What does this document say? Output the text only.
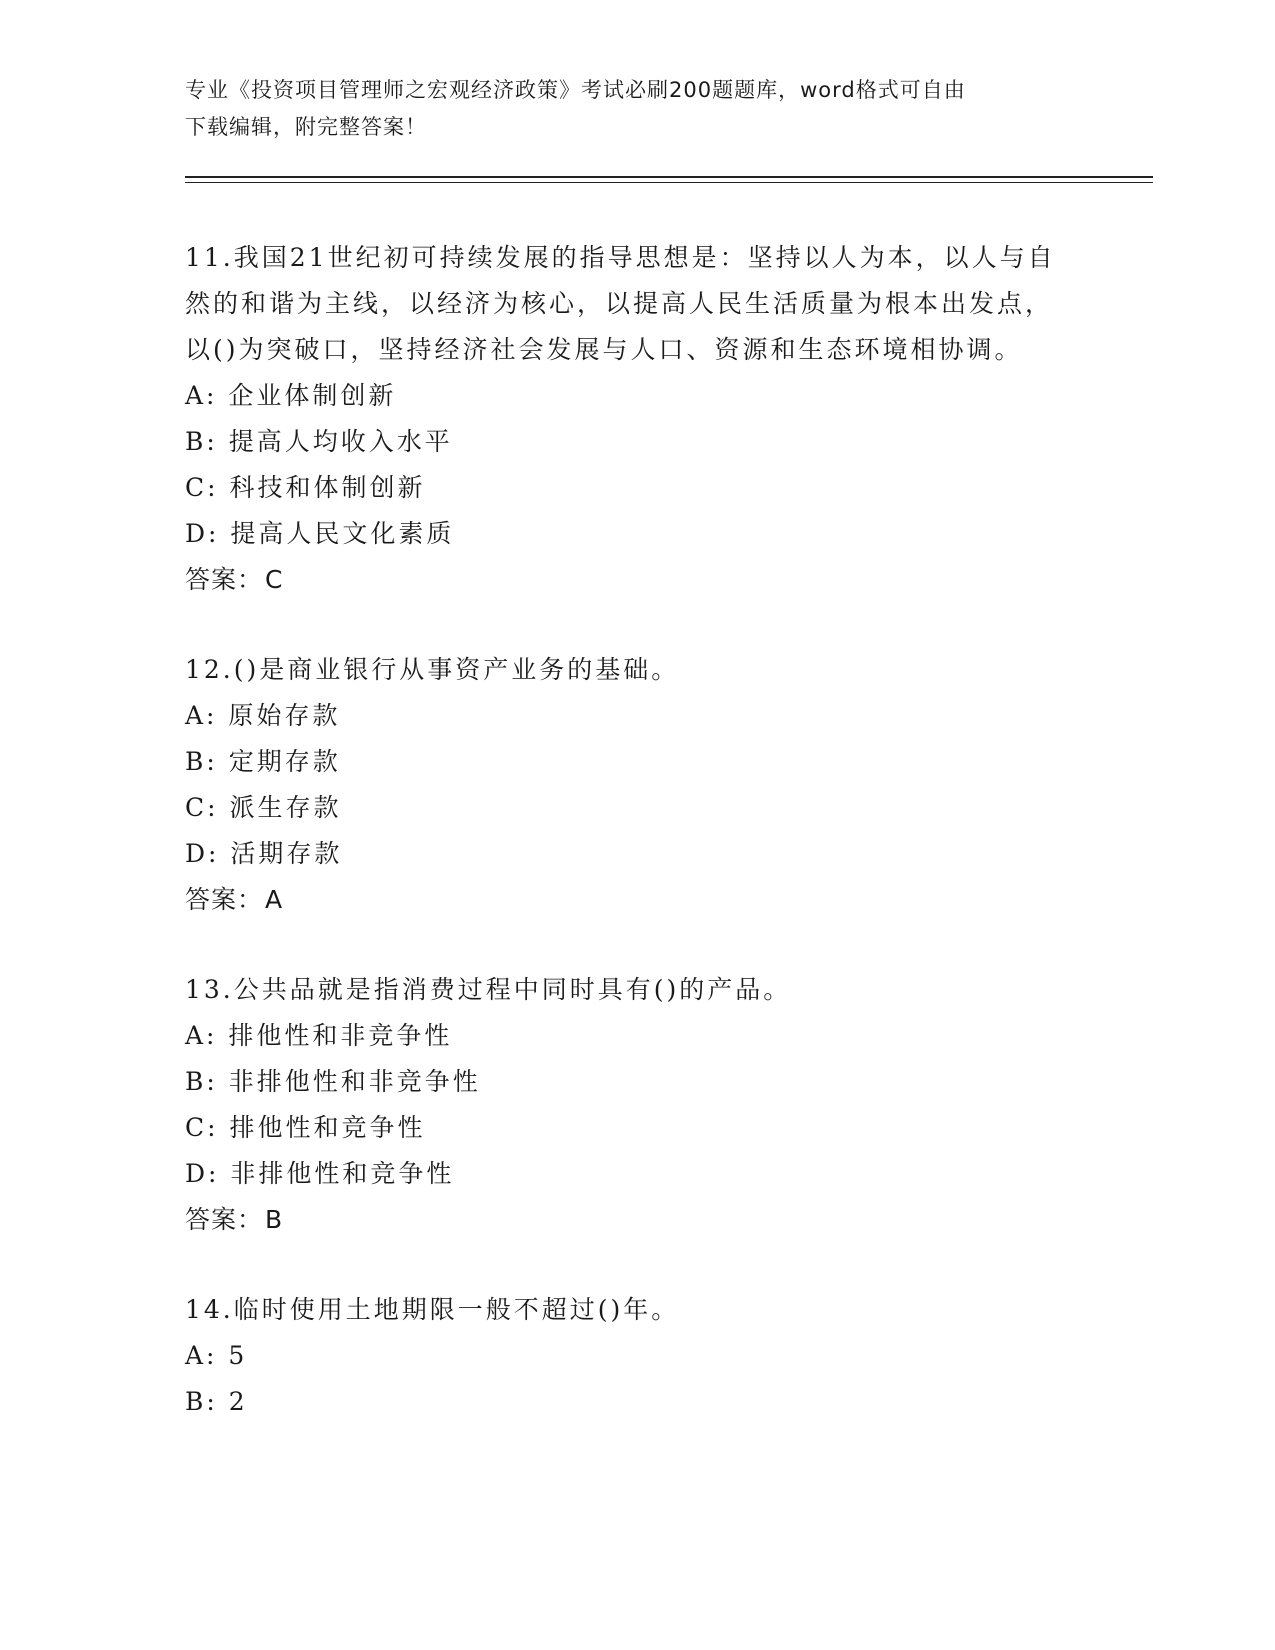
专业《投资项目管理师之宏观经济政策》考试必刷200题题库，word格式可自由
下载编辑，附完整答案！
11.我国21世纪初可持续发展的指导思想是：坚持以人为本，以人与自然的和谐为主线，以经济为核心，以提高人民生活质量为根本出发点，以()为突破口，坚持经济社会发展与人口、资源和生态环境相协调。
A: 企业体制创新
B: 提高人均收入水平
C: 科技和体制创新
D: 提高人民文化素质
答案：C
12.()是商业银行从事资产业务的基础。
A: 原始存款
B: 定期存款
C: 派生存款
D: 活期存款
答案：A
13.公共品就是指消费过程中同时具有()的产品。
A: 排他性和非竞争性
B: 非排他性和非竞争性
C: 排他性和竞争性
D: 非排他性和竞争性
答案：B
14.临时使用土地期限一般不超过()年。
A: 5
B: 2
